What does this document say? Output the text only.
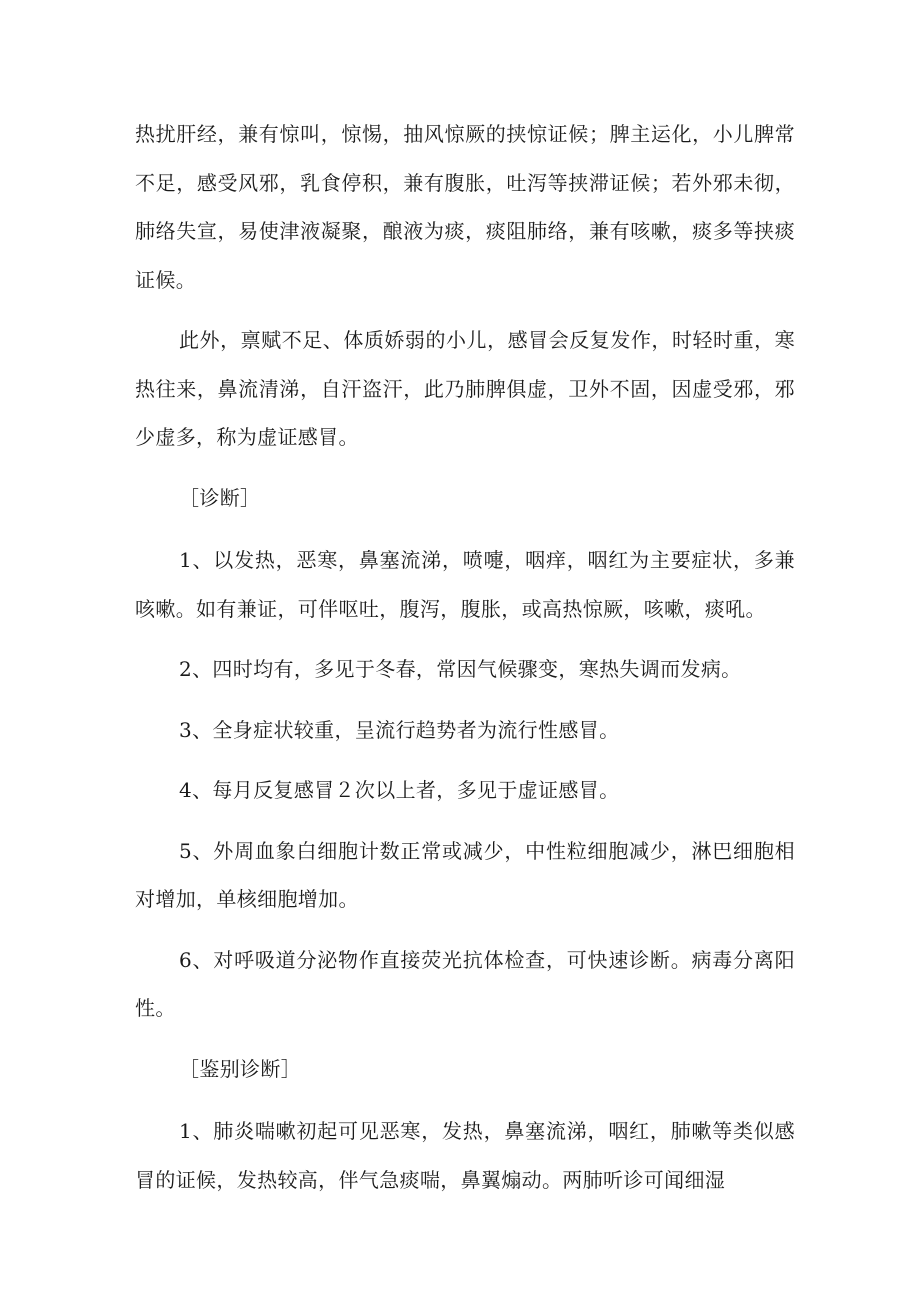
热扰肝经，兼有惊叫，惊惕，抽风惊厥的挟惊证候；脾主运化，小儿脾常不足，感受风邪，乳食停积，兼有腹胀，吐泻等挟滞证候；若外邪未彻，肺络失宣，易使津液凝聚，酿液为痰，痰阻肺络，兼有咳嗽，痰多等挟痰证候。

此外，禀赋不足、体质娇弱的小儿，感冒会反复发作，时轻时重，寒热往来，鼻流清涕，自汗盗汗，此乃肺脾俱虚，卫外不固，因虚受邪，邪少虚多，称为虚证感冒。

［诊断］

1、以发热，恶寒，鼻塞流涕，喷嚏，咽痒，咽红为主要症状，多兼咳嗽。如有兼证，可伴呕吐，腹泻，腹胀，或高热惊厥，咳嗽，痰吼。

2、四时均有，多见于冬春，常因气候骤变，寒热失调而发病。

3、全身症状较重，呈流行趋势者为流行性感冒。

4、每月反复感冒２次以上者，多见于虚证感冒。

5、外周血象白细胞计数正常或减少，中性粒细胞减少，淋巴细胞相对增加，单核细胞增加。

6、对呼吸道分泌物作直接荧光抗体检查，可快速诊断。病毒分离阳性。

［鉴别诊断］

1、肺炎喘嗽初起可见恶寒，发热，鼻塞流涕，咽红，肺嗽等类似感冒的证候，发热较高，伴气急痰喘，鼻翼煽动。两肺听诊可闻细湿
